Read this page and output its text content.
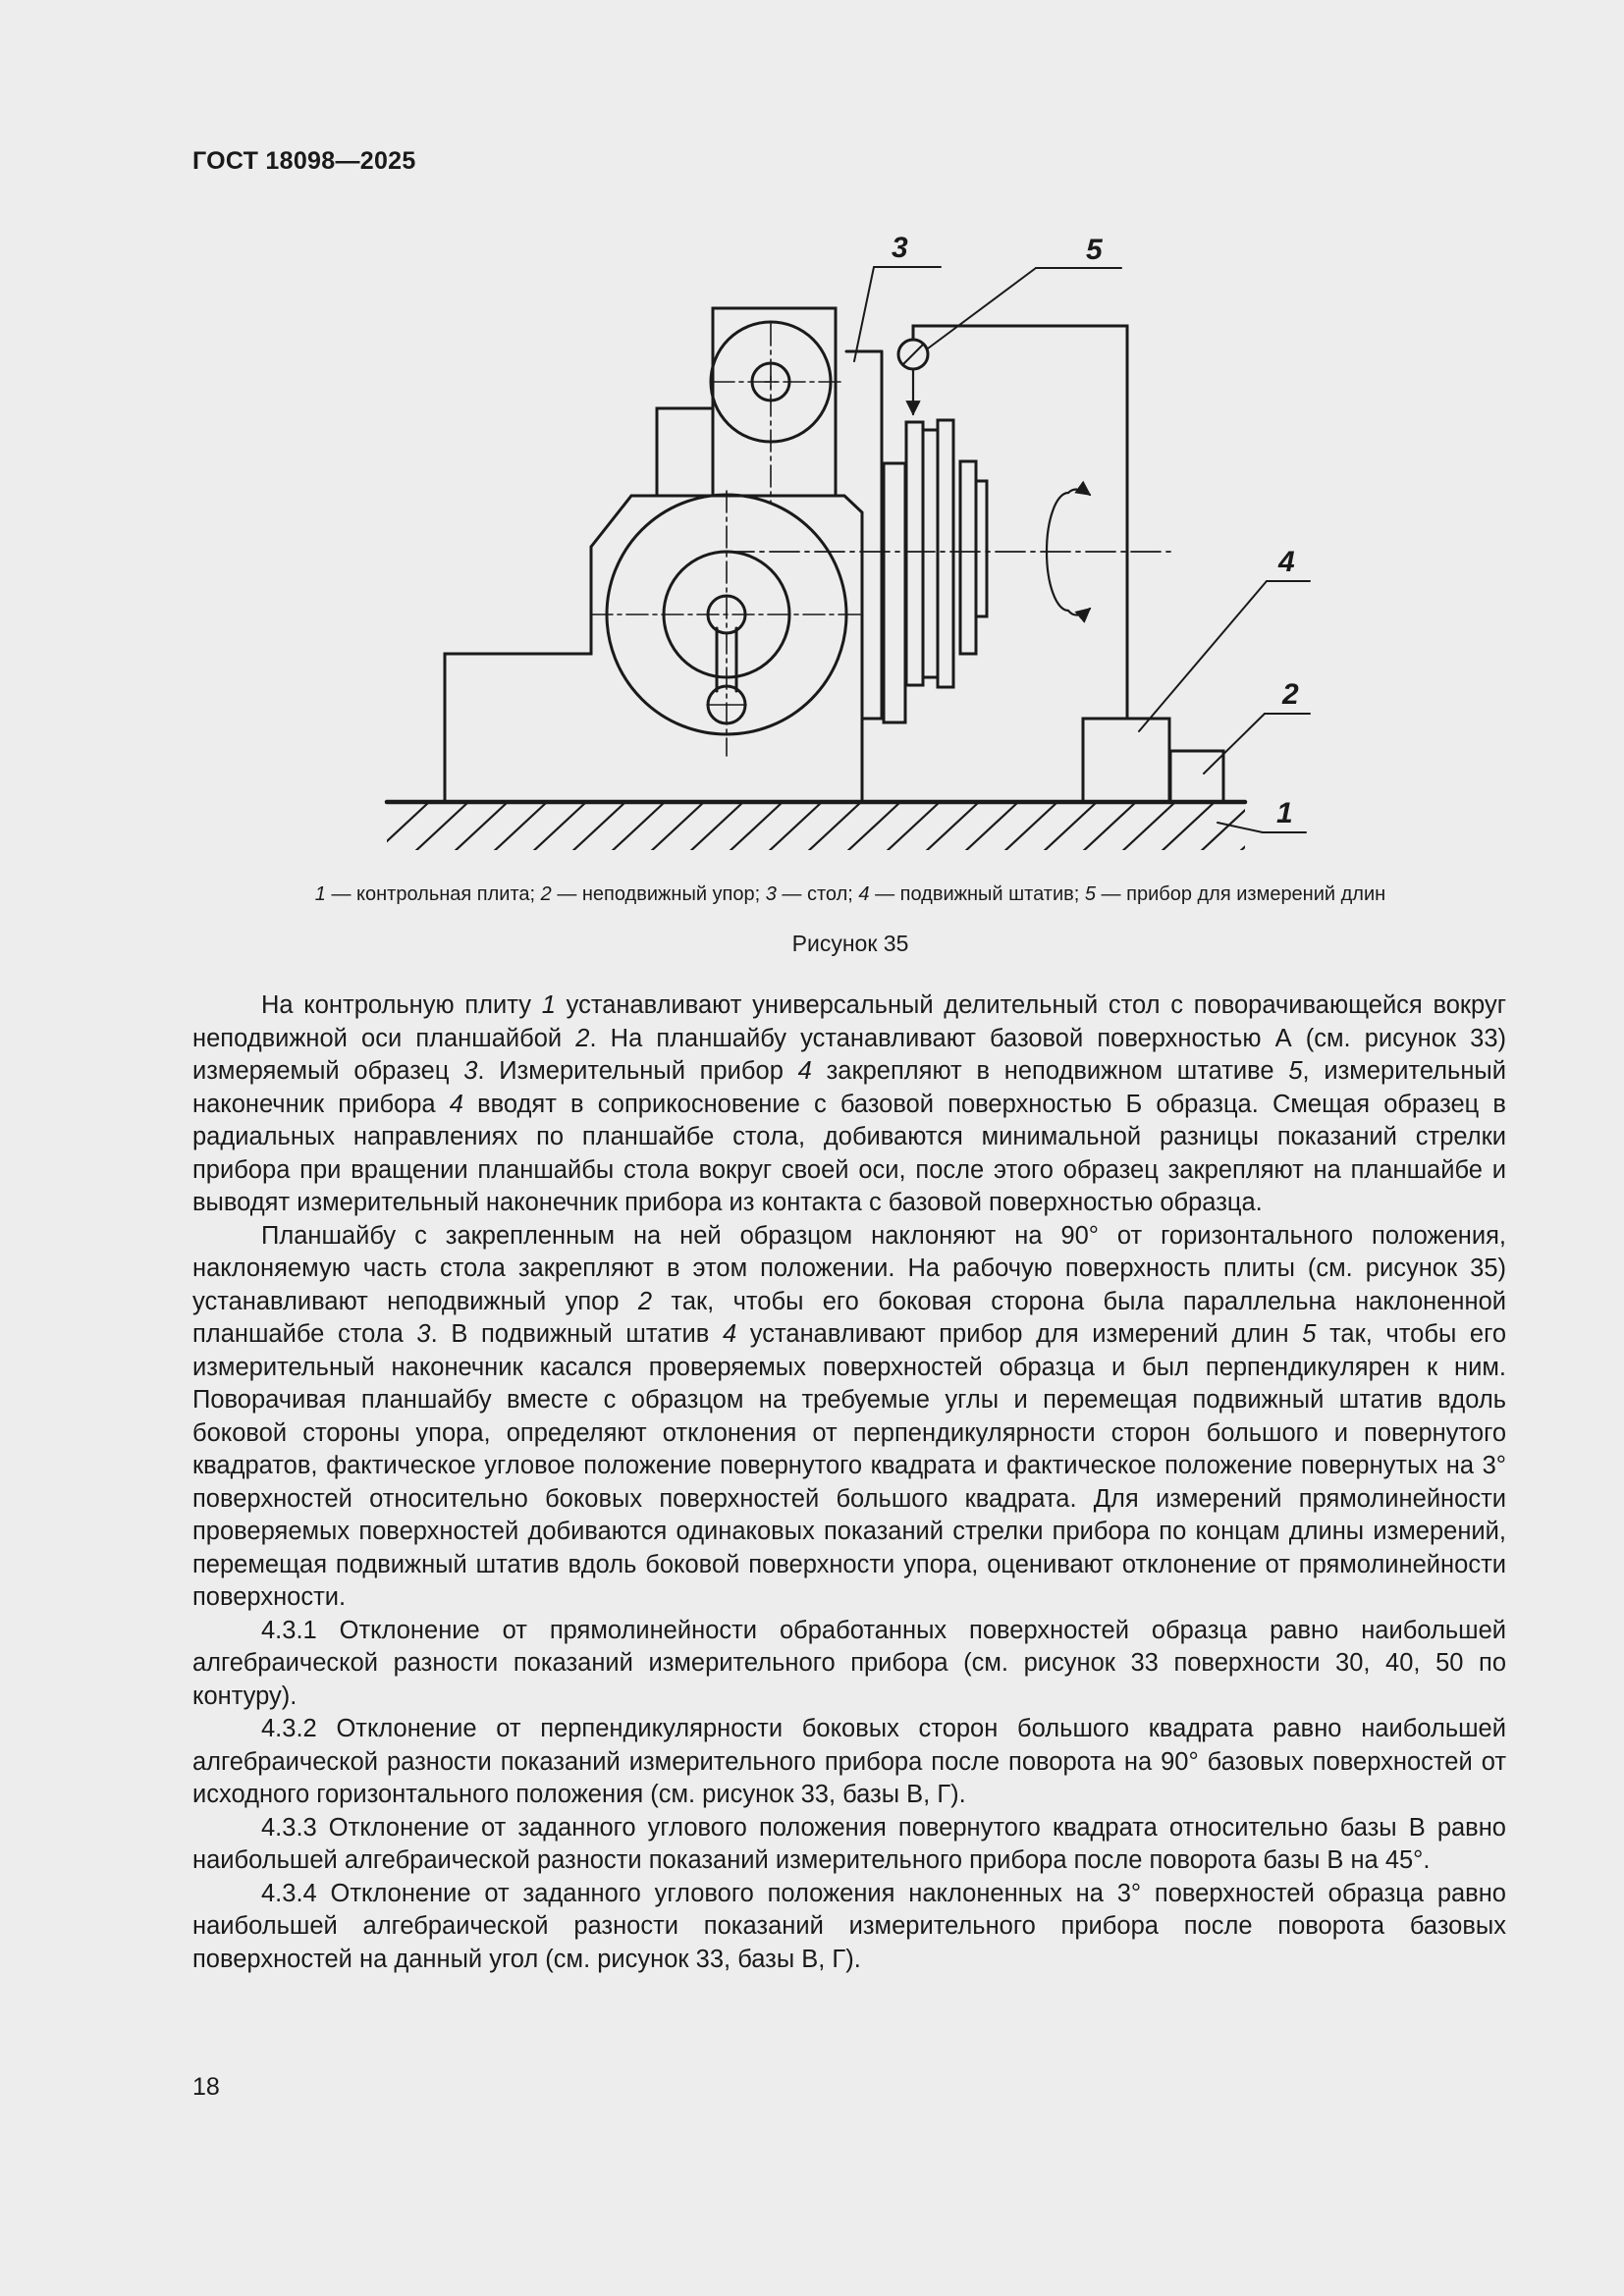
ГОСТ 18098—2025
3	5
4
2
1
1 — контрольная плита; 2 — неподвижный упор; 3 — стол; 4 — подвижный штатив; 5 — прибор для измерений длин
Рисунок 35

На контрольную плиту 1 устанавливают универсальный делительный стол с поворачивающейся вокруг неподвижной оси планшайбой 2. На планшайбу устанавливают базовой поверхностью А (см. рисунок 33) измеряемый образец 3. Измерительный прибор 4 закрепляют в неподвижном штативе 5, измерительный наконечник прибора 4 вводят в соприкосновение с базовой поверхностью Б образца. Смещая образец в радиальных направлениях по планшайбе стола, добиваются минимальной разницы показаний стрелки прибора при вращении планшайбы стола вокруг своей оси, после этого образец закрепляют на планшайбе и выводят измерительный наконечник прибора из контакта с базовой поверхностью образца.

Планшайбу с закрепленным на ней образцом наклоняют на 90° от горизонтального положения, наклоняемую часть стола закрепляют в этом положении. На рабочую поверхность плиты (см. рисунок 35) устанавливают неподвижный упор 2 так, чтобы его боковая сторона была параллельна наклоненной планшайбе стола 3. В подвижный штатив 4 устанавливают прибор для измерений длин 5 так, чтобы его измерительный наконечник касался проверяемых поверхностей образца и был перпендикулярен к ним. Поворачивая планшайбу вместе с образцом на требуемые углы и перемещая подвижный штатив вдоль боковой стороны упора, определяют отклонения от перпендикулярности сторон большого и повернутого квадратов, фактическое угловое положение повернутого квадрата и фактическое положение повернутых на 3° поверхностей относительно боковых поверхностей большого квадрата. Для измерений прямолинейности проверяемых поверхностей добиваются одинаковых показаний стрелки прибора по концам длины измерений, перемещая подвижный штатив вдоль боковой поверхности упора, оценивают отклонение от прямолинейности поверхности.

4.3.1 Отклонение от прямолинейности обработанных поверхностей образца равно наибольшей алгебраической разности показаний измерительного прибора (см. рисунок 33 поверхности 30, 40, 50 по контуру).

4.3.2 Отклонение от перпендикулярности боковых сторон большого квадрата равно наибольшей алгебраической разности показаний измерительного прибора после поворота на 90° базовых поверхностей от исходного горизонтального положения (см. рисунок 33, базы В, Г).

4.3.3 Отклонение от заданного углового положения повернутого квадрата относительно базы В равно наибольшей алгебраической разности показаний измерительного прибора после поворота базы В на 45°.

4.3.4 Отклонение от заданного углового положения наклоненных на 3° поверхностей образца равно наибольшей алгебраической разности показаний измерительного прибора после поворота базовых поверхностей на данный угол (см. рисунок 33, базы В, Г).

18
